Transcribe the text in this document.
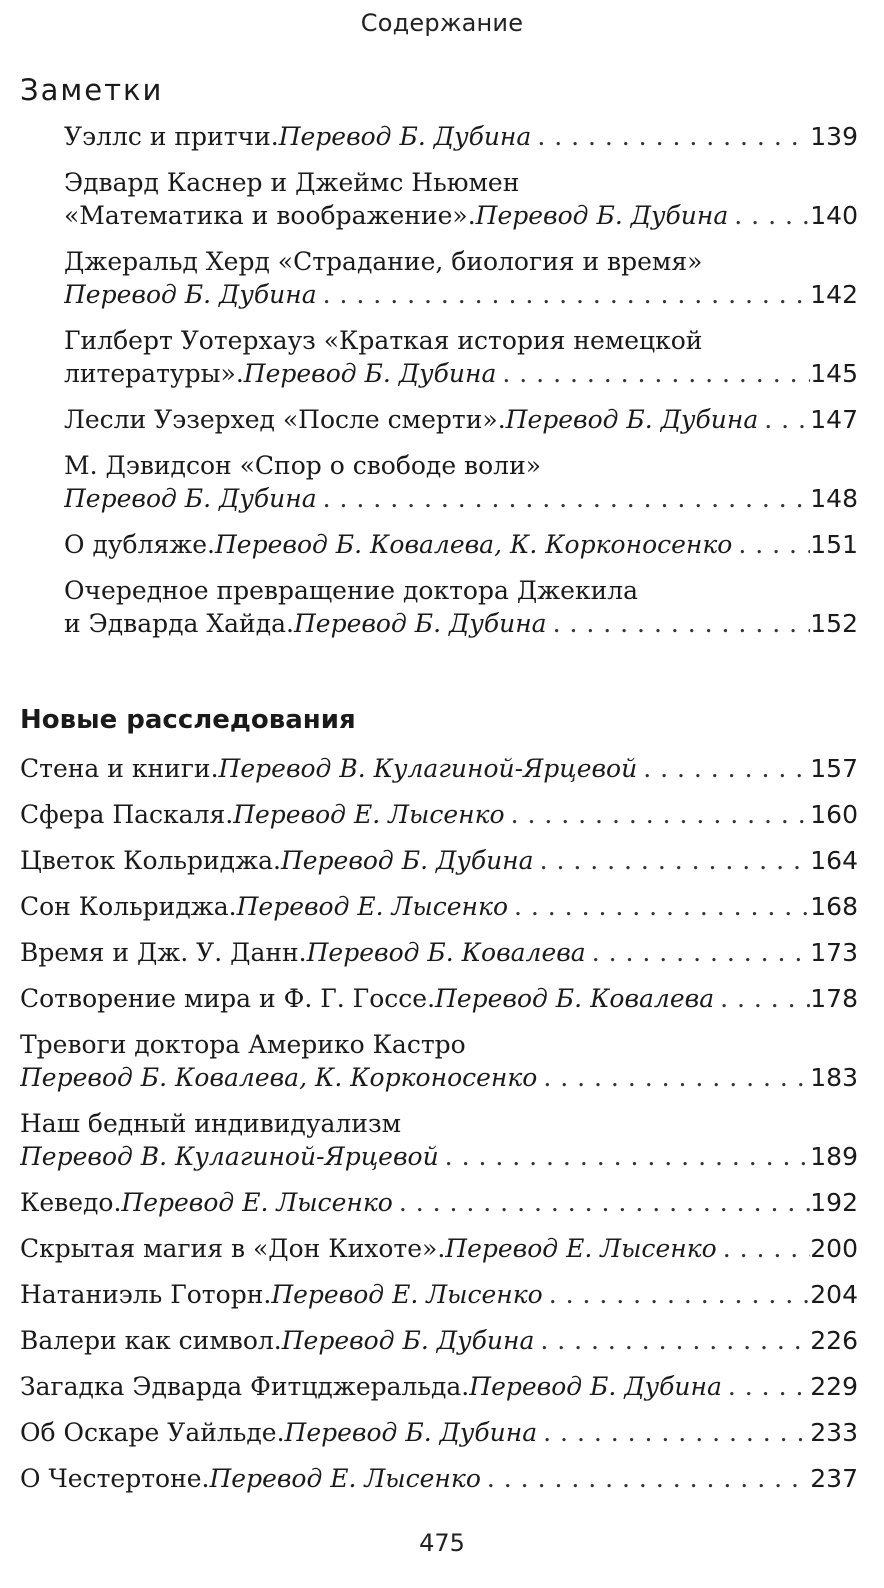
Содержание
Заметки
Уэллс и притчи. Перевод Б. Дубина . . .	139
Эдвард Каснер и Джеймс Ньюмен
«Математика и воображение». Перевод Б. Дубина . . .	140
Джеральд Херд «Страдание, биология и время»
Перевод Б. Дубина . . .	142
Гилберт Уотерхауз «Краткая история немецкой
литературы». Перевод Б. Дубина . . .	145
Лесли Уэзерхед «После смерти». Перевод Б. Дубина . . . 147
М. Дэвидсон «Спор о свободе воли»
Перевод Б. Дубина . . .	148
О дубляже. Перевод Б. Ковалева, К. Корконосенко . . .	151
Очередное превращение доктора Джекила
и Эдварда Хайда. Перевод Б. Дубина . . .	152
Новые расследования
Стена и книги. Перевод В. Кулагиной-Ярцевой . . .	157
Сфера Паскаля. Перевод Е. Лысенко . . .	160
Цветок Кольриджа. Перевод Б. Дубина . . .	164
Сон Кольриджа. Перевод Е. Лысенко . . .	168
Время и Дж. У. Данн. Перевод Б. Ковалева . . .	173
Сотворение мира и Ф. Г. Госсе. Перевод Б. Ковалева . . .	178
Тревоги доктора Америко Кастро
Перевод Б. Ковалева, К. Корконосенко . . .	183
Наш бедный индивидуализм
Перевод В. Кулагиной-Ярцевой . . .	189
Кеведо. Перевод Е. Лысенко . . .	192
Скрытая магия в «Дон Кихоте». Перевод Е. Лысенко . . .	200
Натаниэль Готорн. Перевод Е. Лысенко . . .	204
Валери как символ. Перевод Б. Дубина . . .	226
Загадка Эдварда Фитцджеральда. Перевод Б. Дубина . . .	229
Об Оскаре Уайльде. Перевод Б. Дубина . . .	233
О Честертоне. Перевод Е. Лысенко . . .	237
475
